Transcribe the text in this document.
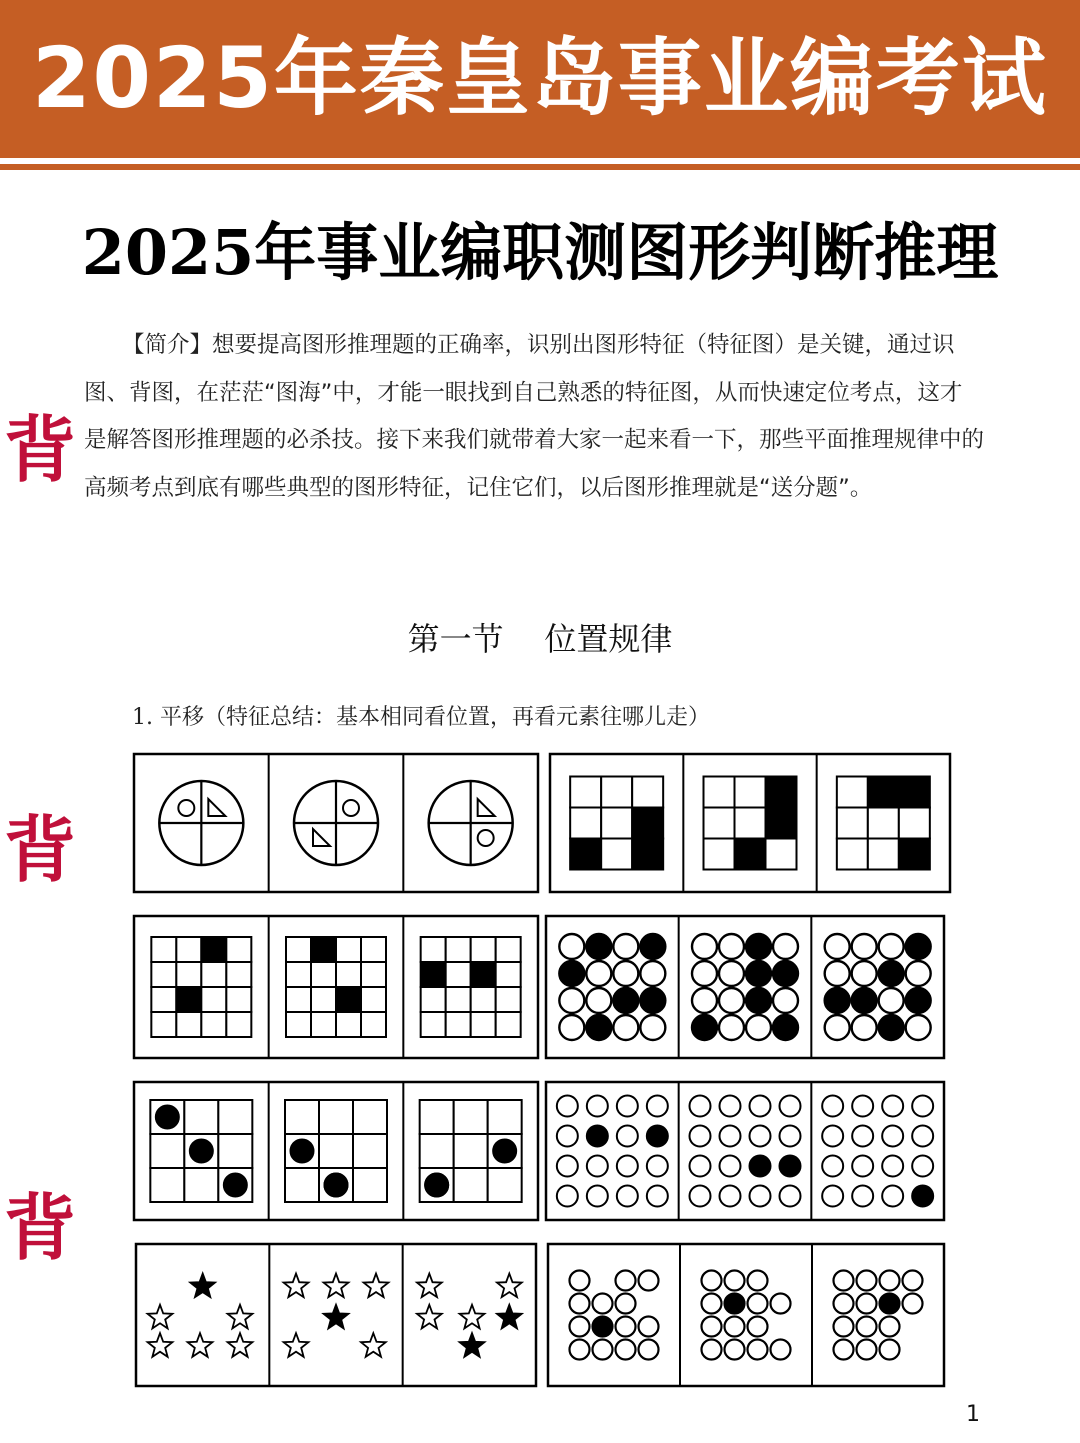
2025年秦皇岛事业编考试
2025年事业编职测图形判断推理
【简介】想要提高图形推理题的正确率，识别出图形特征（特征图）是关键，通过识图、背图，在茫茫“图海”中，才能一眼找到自己熟悉的特征图，从而快速定位考点，这才是解答图形推理题的必杀技。接下来我们就带着大家一起来看一下，那些平面推理规律中的高频考点到底有哪些典型的图形特征，记住它们，以后图形推理就是“送分题”。
背
背
背
第一节    位置规律
1. 平移（特征总结：基本相同看位置，再看元素往哪儿走）
1
